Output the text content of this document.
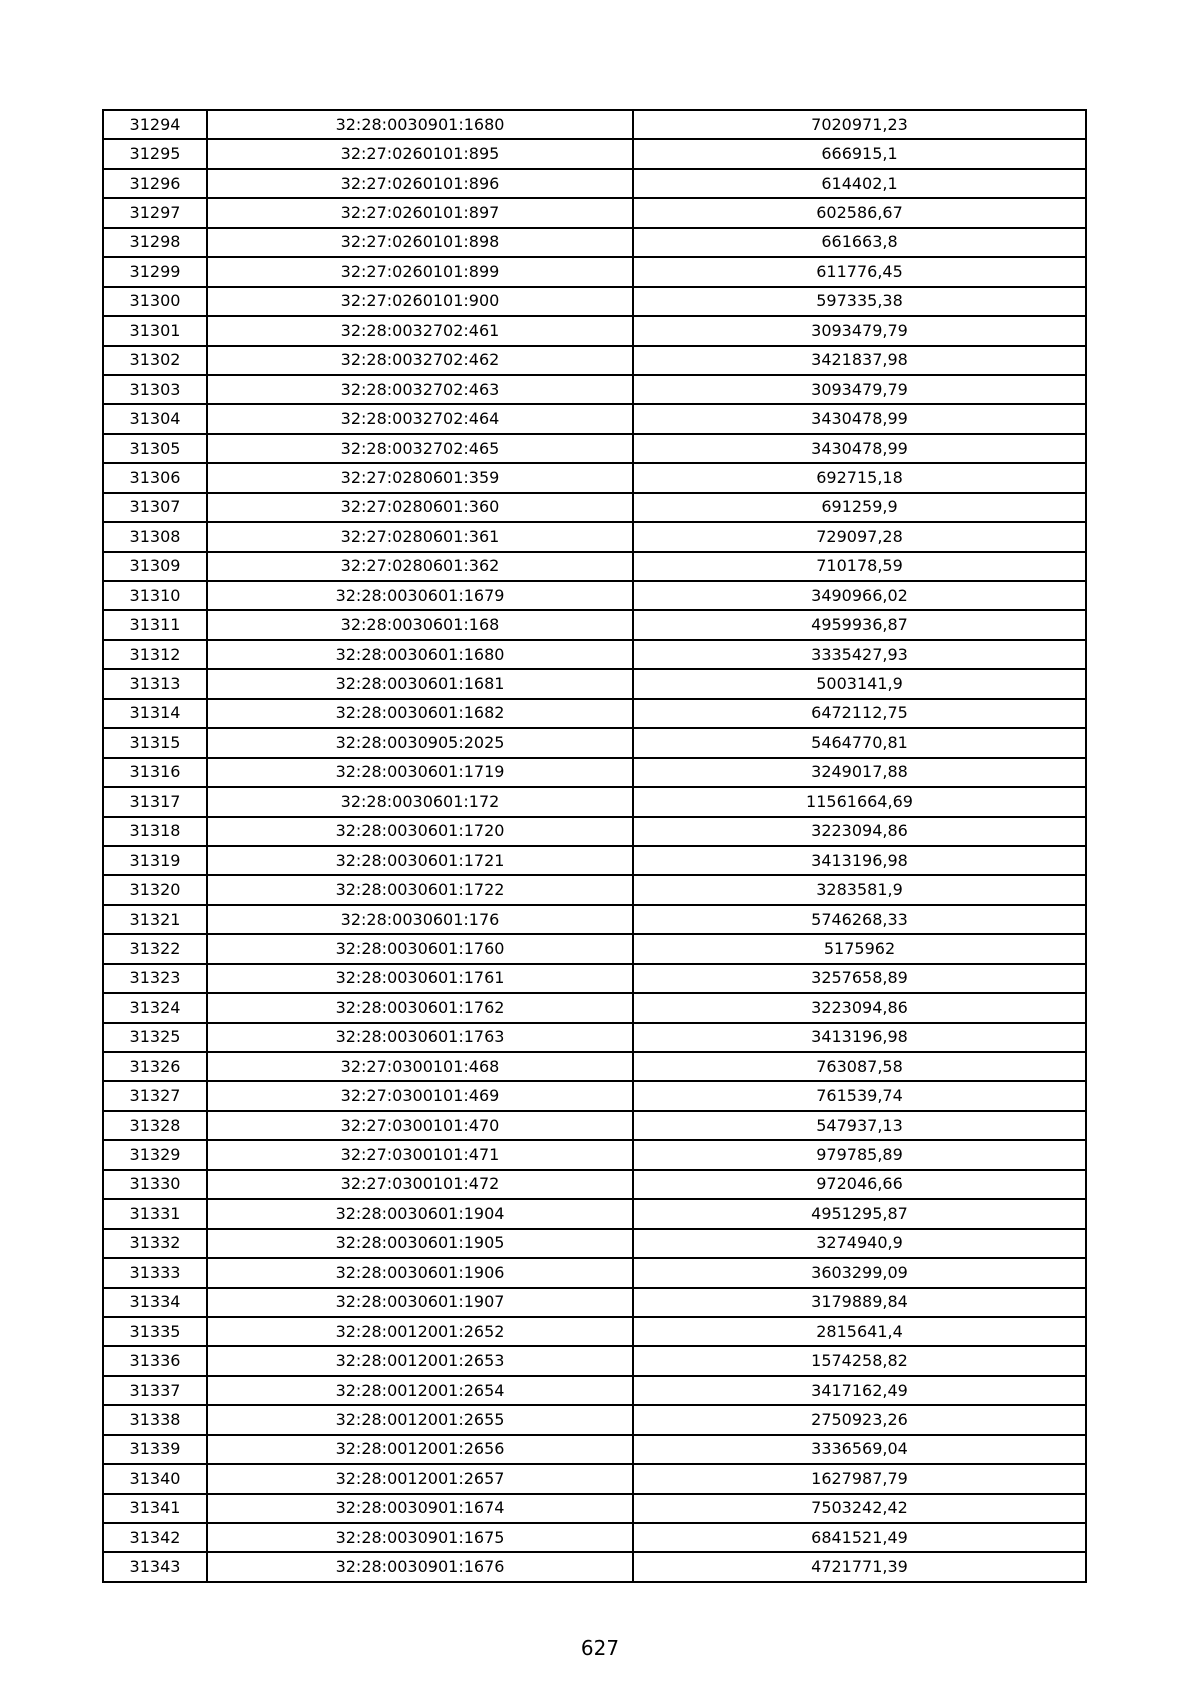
31294	32:28:0030901:1680	7020971,23
31295	32:27:0260101:895	666915,1
31296	32:27:0260101:896	614402,1
31297	32:27:0260101:897	602586,67
31298	32:27:0260101:898	661663,8
31299	32:27:0260101:899	611776,45
31300	32:27:0260101:900	597335,38
31301	32:28:0032702:461	3093479,79
31302	32:28:0032702:462	3421837,98
31303	32:28:0032702:463	3093479,79
31304	32:28:0032702:464	3430478,99
31305	32:28:0032702:465	3430478,99
31306	32:27:0280601:359	692715,18
31307	32:27:0280601:360	691259,9
31308	32:27:0280601:361	729097,28
31309	32:27:0280601:362	710178,59
31310	32:28:0030601:1679	3490966,02
31311	32:28:0030601:168	4959936,87
31312	32:28:0030601:1680	3335427,93
31313	32:28:0030601:1681	5003141,9
31314	32:28:0030601:1682	6472112,75
31315	32:28:0030905:2025	5464770,81
31316	32:28:0030601:1719	3249017,88
31317	32:28:0030601:172	11561664,69
31318	32:28:0030601:1720	3223094,86
31319	32:28:0030601:1721	3413196,98
31320	32:28:0030601:1722	3283581,9
31321	32:28:0030601:176	5746268,33
31322	32:28:0030601:1760	5175962
31323	32:28:0030601:1761	3257658,89
31324	32:28:0030601:1762	3223094,86
31325	32:28:0030601:1763	3413196,98
31326	32:27:0300101:468	763087,58
31327	32:27:0300101:469	761539,74
31328	32:27:0300101:470	547937,13
31329	32:27:0300101:471	979785,89
31330	32:27:0300101:472	972046,66
31331	32:28:0030601:1904	4951295,87
31332	32:28:0030601:1905	3274940,9
31333	32:28:0030601:1906	3603299,09
31334	32:28:0030601:1907	3179889,84
31335	32:28:0012001:2652	2815641,4
31336	32:28:0012001:2653	1574258,82
31337	32:28:0012001:2654	3417162,49
31338	32:28:0012001:2655	2750923,26
31339	32:28:0012001:2656	3336569,04
31340	32:28:0012001:2657	1627987,79
31341	32:28:0030901:1674	7503242,42
31342	32:28:0030901:1675	6841521,49
31343	32:28:0030901:1676	4721771,39
627
